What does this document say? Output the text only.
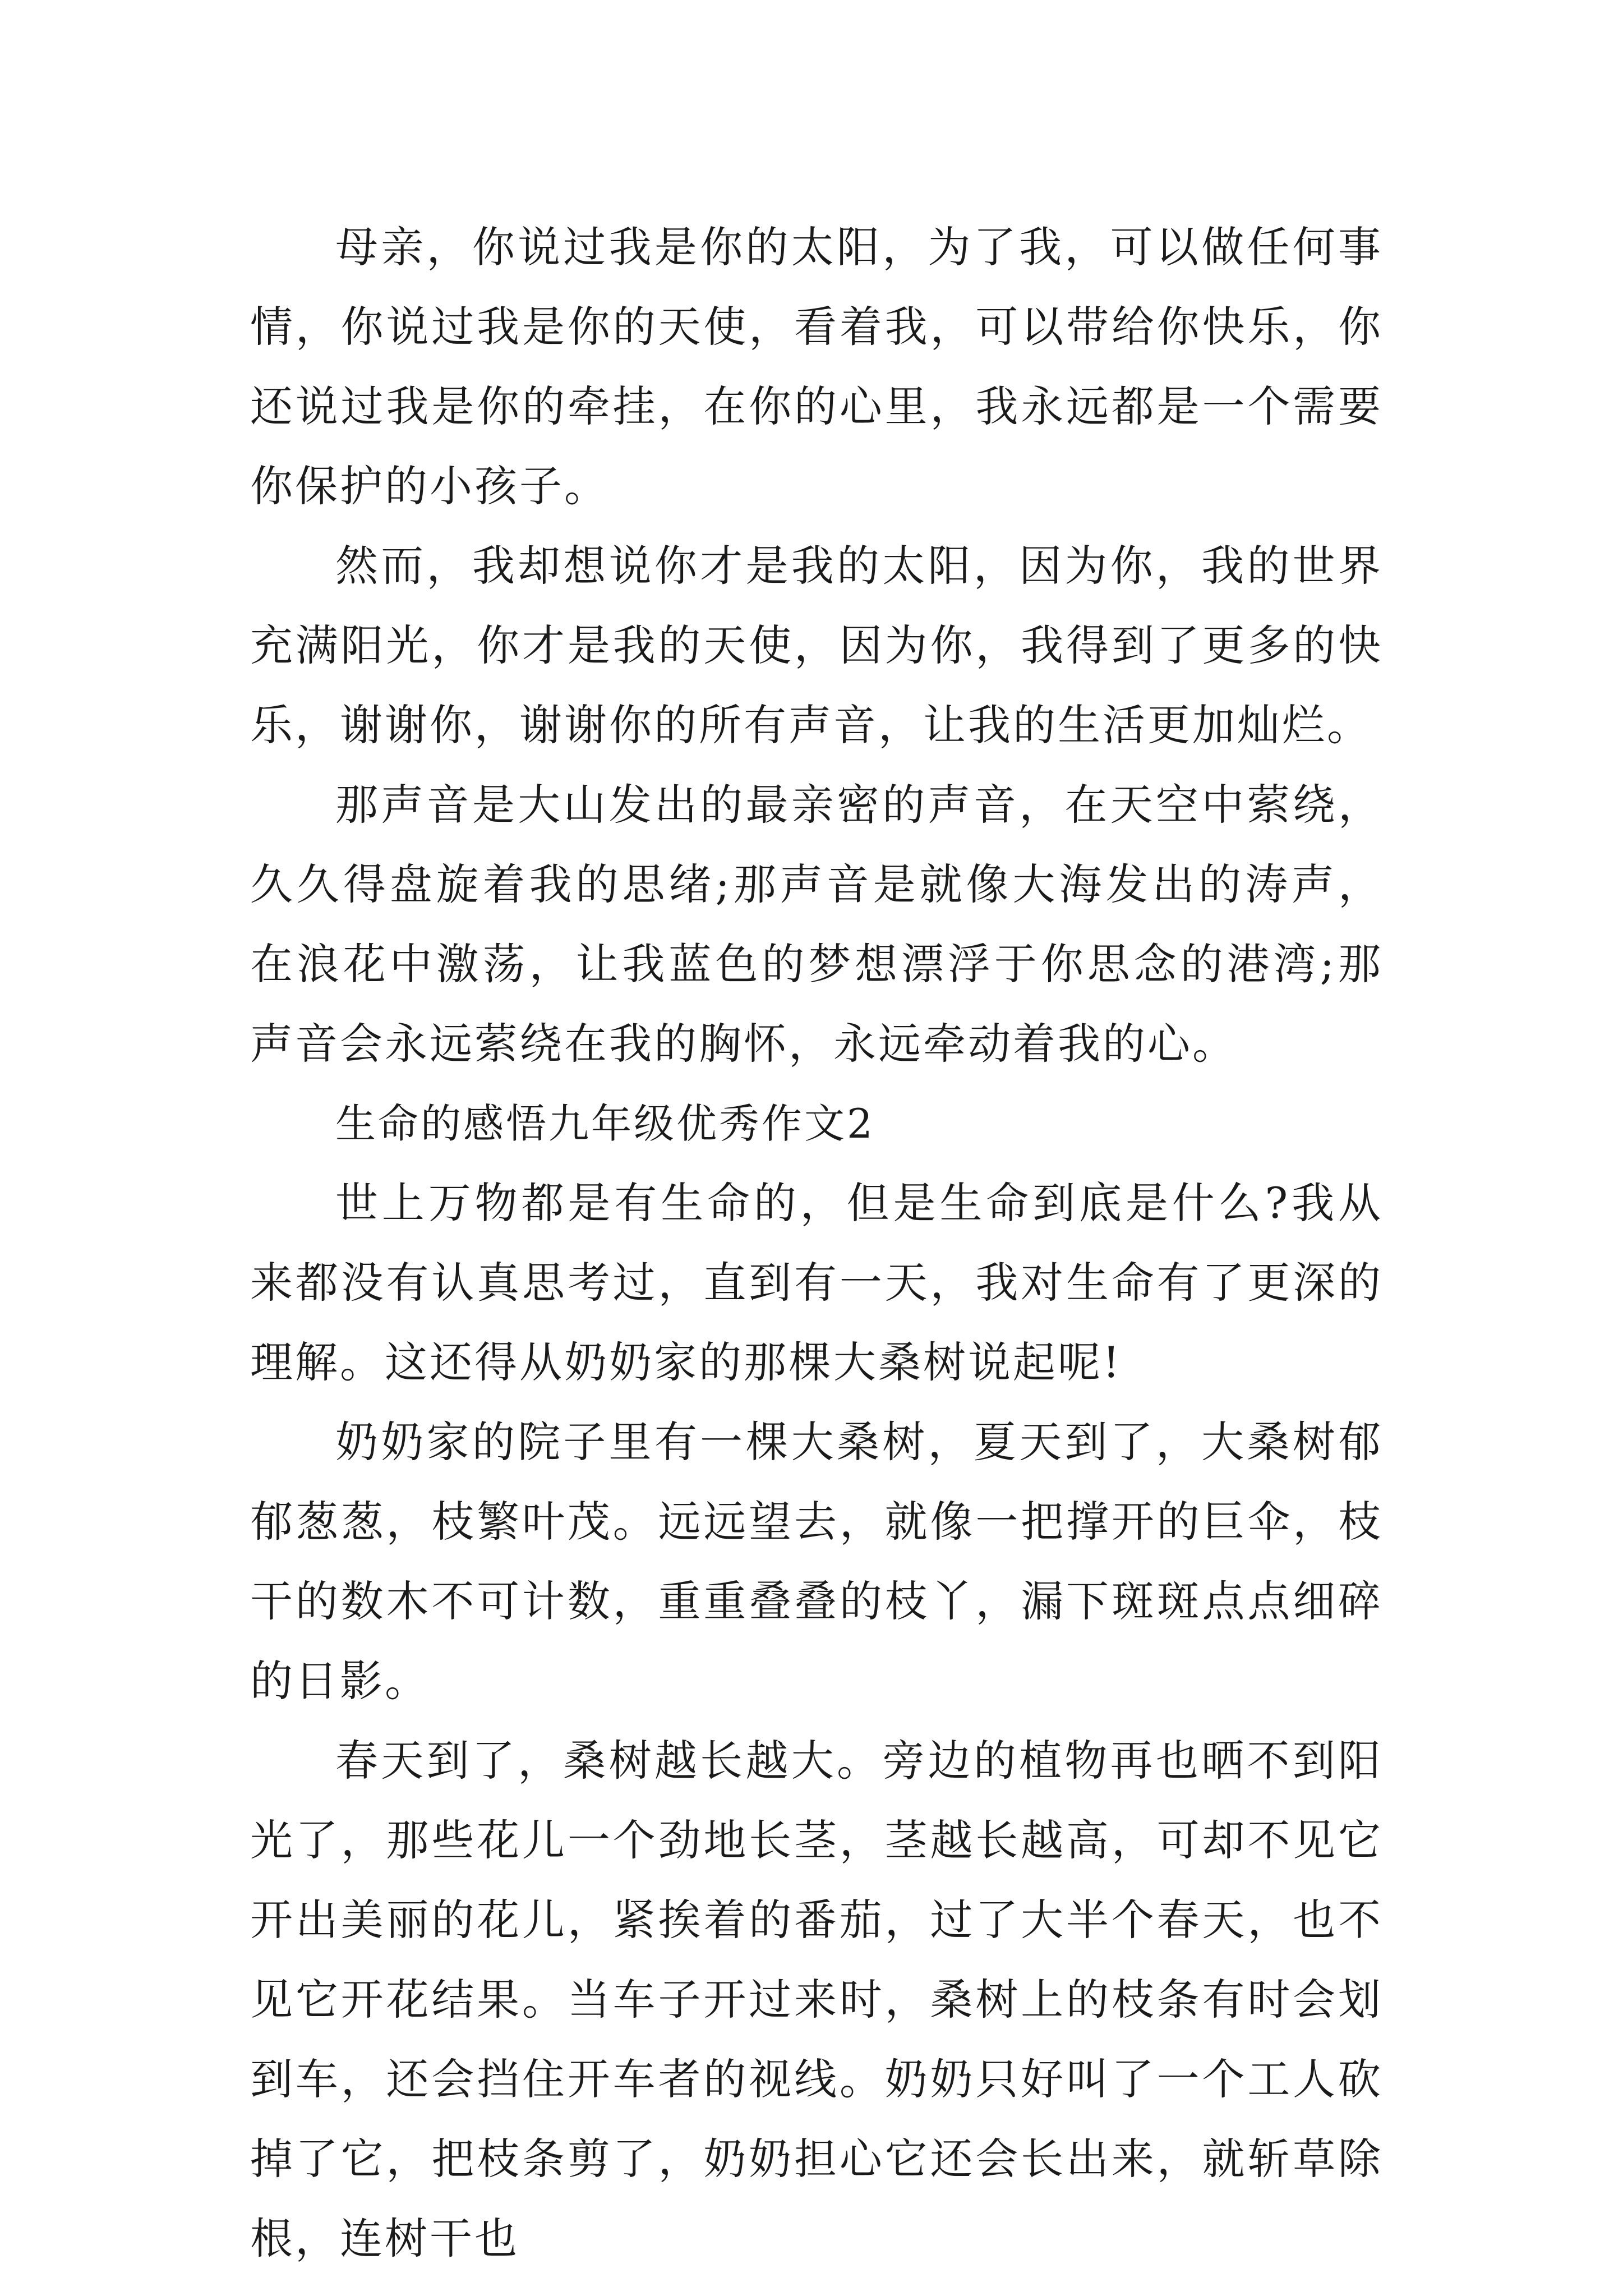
母亲，你说过我是你的太阳，为了我，可以做任何事情，你说过我是你的天使，看着我，可以带给你快乐，你还说过我是你的牵挂，在你的心里，我永远都是一个需要你保护的小孩子。

然而，我却想说你才是我的太阳，因为你，我的世界充满阳光，你才是我的天使，因为你，我得到了更多的快乐，谢谢你，谢谢你的所有声音，让我的生活更加灿烂。

那声音是大山发出的最亲密的声音，在天空中萦绕，久久得盘旋着我的思绪;那声音是就像大海发出的涛声，在浪花中激荡，让我蓝色的梦想漂浮于你思念的港湾;那声音会永远萦绕在我的胸怀，永远牵动着我的心。

生命的感悟九年级优秀作文2

世上万物都是有生命的，但是生命到底是什么?我从来都没有认真思考过，直到有一天，我对生命有了更深的理解。这还得从奶奶家的那棵大桑树说起呢!

奶奶家的院子里有一棵大桑树，夏天到了，大桑树郁郁葱葱，枝繁叶茂。远远望去，就像一把撑开的巨伞，枝干的数木不可计数，重重叠叠的枝丫，漏下斑斑点点细碎的日影。

春天到了，桑树越长越大。旁边的植物再也晒不到阳光了，那些花儿一个劲地长茎，茎越长越高，可却不见它开出美丽的花儿，紧挨着的番茄，过了大半个春天，也不见它开花结果。当车子开过来时，桑树上的枝条有时会划到车，还会挡住开车者的视线。奶奶只好叫了一个工人砍掉了它，把枝条剪了，奶奶担心它还会长出来，就斩草除根，连树干也
